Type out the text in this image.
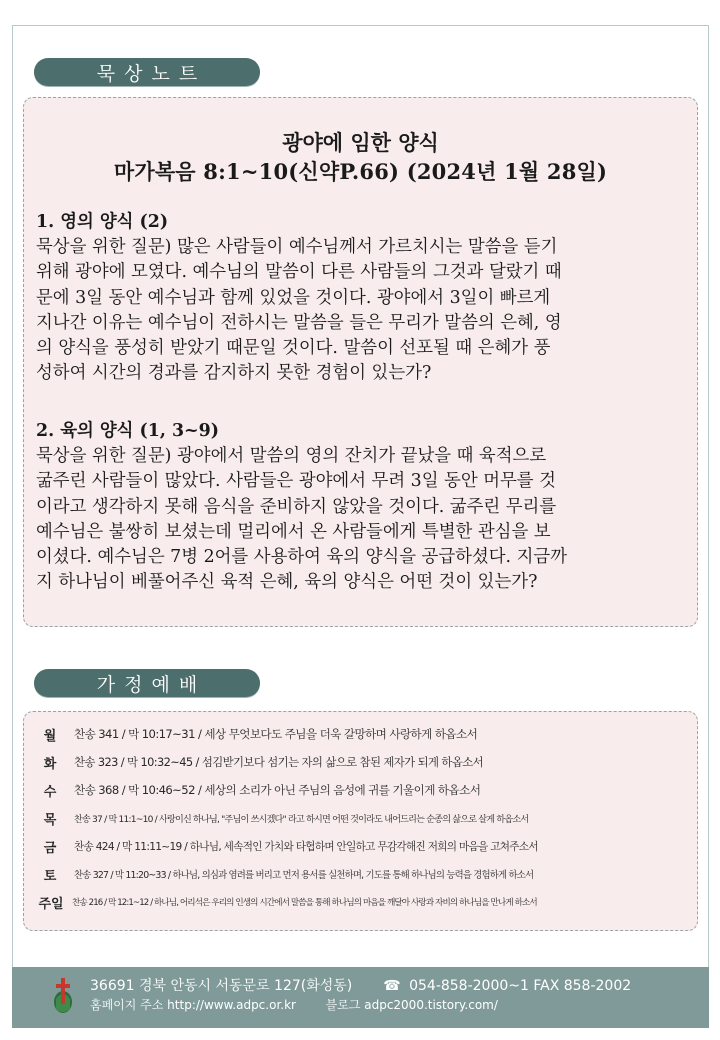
묵상노트
광야에 임한 양식
마가복음 8:1~10(신약P.66) (2024년 1월 28일)
1. 영의 양식 (2)
묵상을 위한 질문) 많은 사람들이 예수님께서 가르치시는 말씀을 듣기
위해 광야에 모였다. 예수님의 말씀이 다른 사람들의 그것과 달랐기 때
문에 3일 동안 예수님과 함께 있었을 것이다. 광야에서 3일이 빠르게
지나간 이유는 예수님이 전하시는 말씀을 들은 무리가 말씀의 은혜, 영
의 양식을 풍성히 받았기 때문일 것이다. 말씀이 선포될 때 은혜가 풍
성하여 시간의 경과를 감지하지 못한 경험이 있는가?
2. 육의 양식 (1, 3~9)
묵상을 위한 질문) 광야에서 말씀의 영의 잔치가 끝났을 때 육적으로
굶주린 사람들이 많았다. 사람들은 광야에서 무려 3일 동안 머무를 것
이라고 생각하지 못해 음식을 준비하지 않았을 것이다. 굶주린 무리를
예수님은 불쌍히 보셨는데 멀리에서 온 사람들에게 특별한 관심을 보
이셨다. 예수님은 7병 2어를 사용하여 육의 양식을 공급하셨다. 지금까
지 하나님이 베풀어주신 육적 은혜, 육의 양식은 어떤 것이 있는가?
가정예배
월	찬송 341 / 막 10:17~31 / 세상 무엇보다도 주님을 더욱 갈망하며 사랑하게 하옵소서
화	찬송 323 / 막 10:32~45 / 섬김받기보다 섬기는 자의 삶으로 참된 제자가 되게 하옵소서
수	찬송 368 / 막 10:46~52 / 세상의 소리가 아닌 주님의 음성에 귀를 기울이게 하옵소서
목	찬송 37 / 막 11:1~10 / 사랑이신 하나님, "주님이 쓰시겠다" 라고 하시면 어떤 것이라도 내어드리는 순종의 삶으로 살게 하옵소서
금	찬송 424 / 막 11:11~19 / 하나님, 세속적인 가치와 타협하며 안일하고 무감각해진 저희의 마음을 고쳐주소서
토	찬송 327 / 막 11:20~33 / 하나님, 의심과 염려를 버리고 먼저 용서를 실천하며, 기도를 통해 하나님의 능력을 경험하게 하소서
주일 찬송 216 / 막 12:1~12 / 하나님, 어리석은 우리의 인생의 시간에서 말씀을 통해 하나님의 마음을 깨달아 사랑과 자비의 하나님을 만나게 하소서
36691 경북 안동시 서동문로 127(화성동) ☎ 054-858-2000~1 FAX 858-2002
홈페이지 주소 http://www.adpc.or.kr 블로그 adpc2000.tistory.com/
